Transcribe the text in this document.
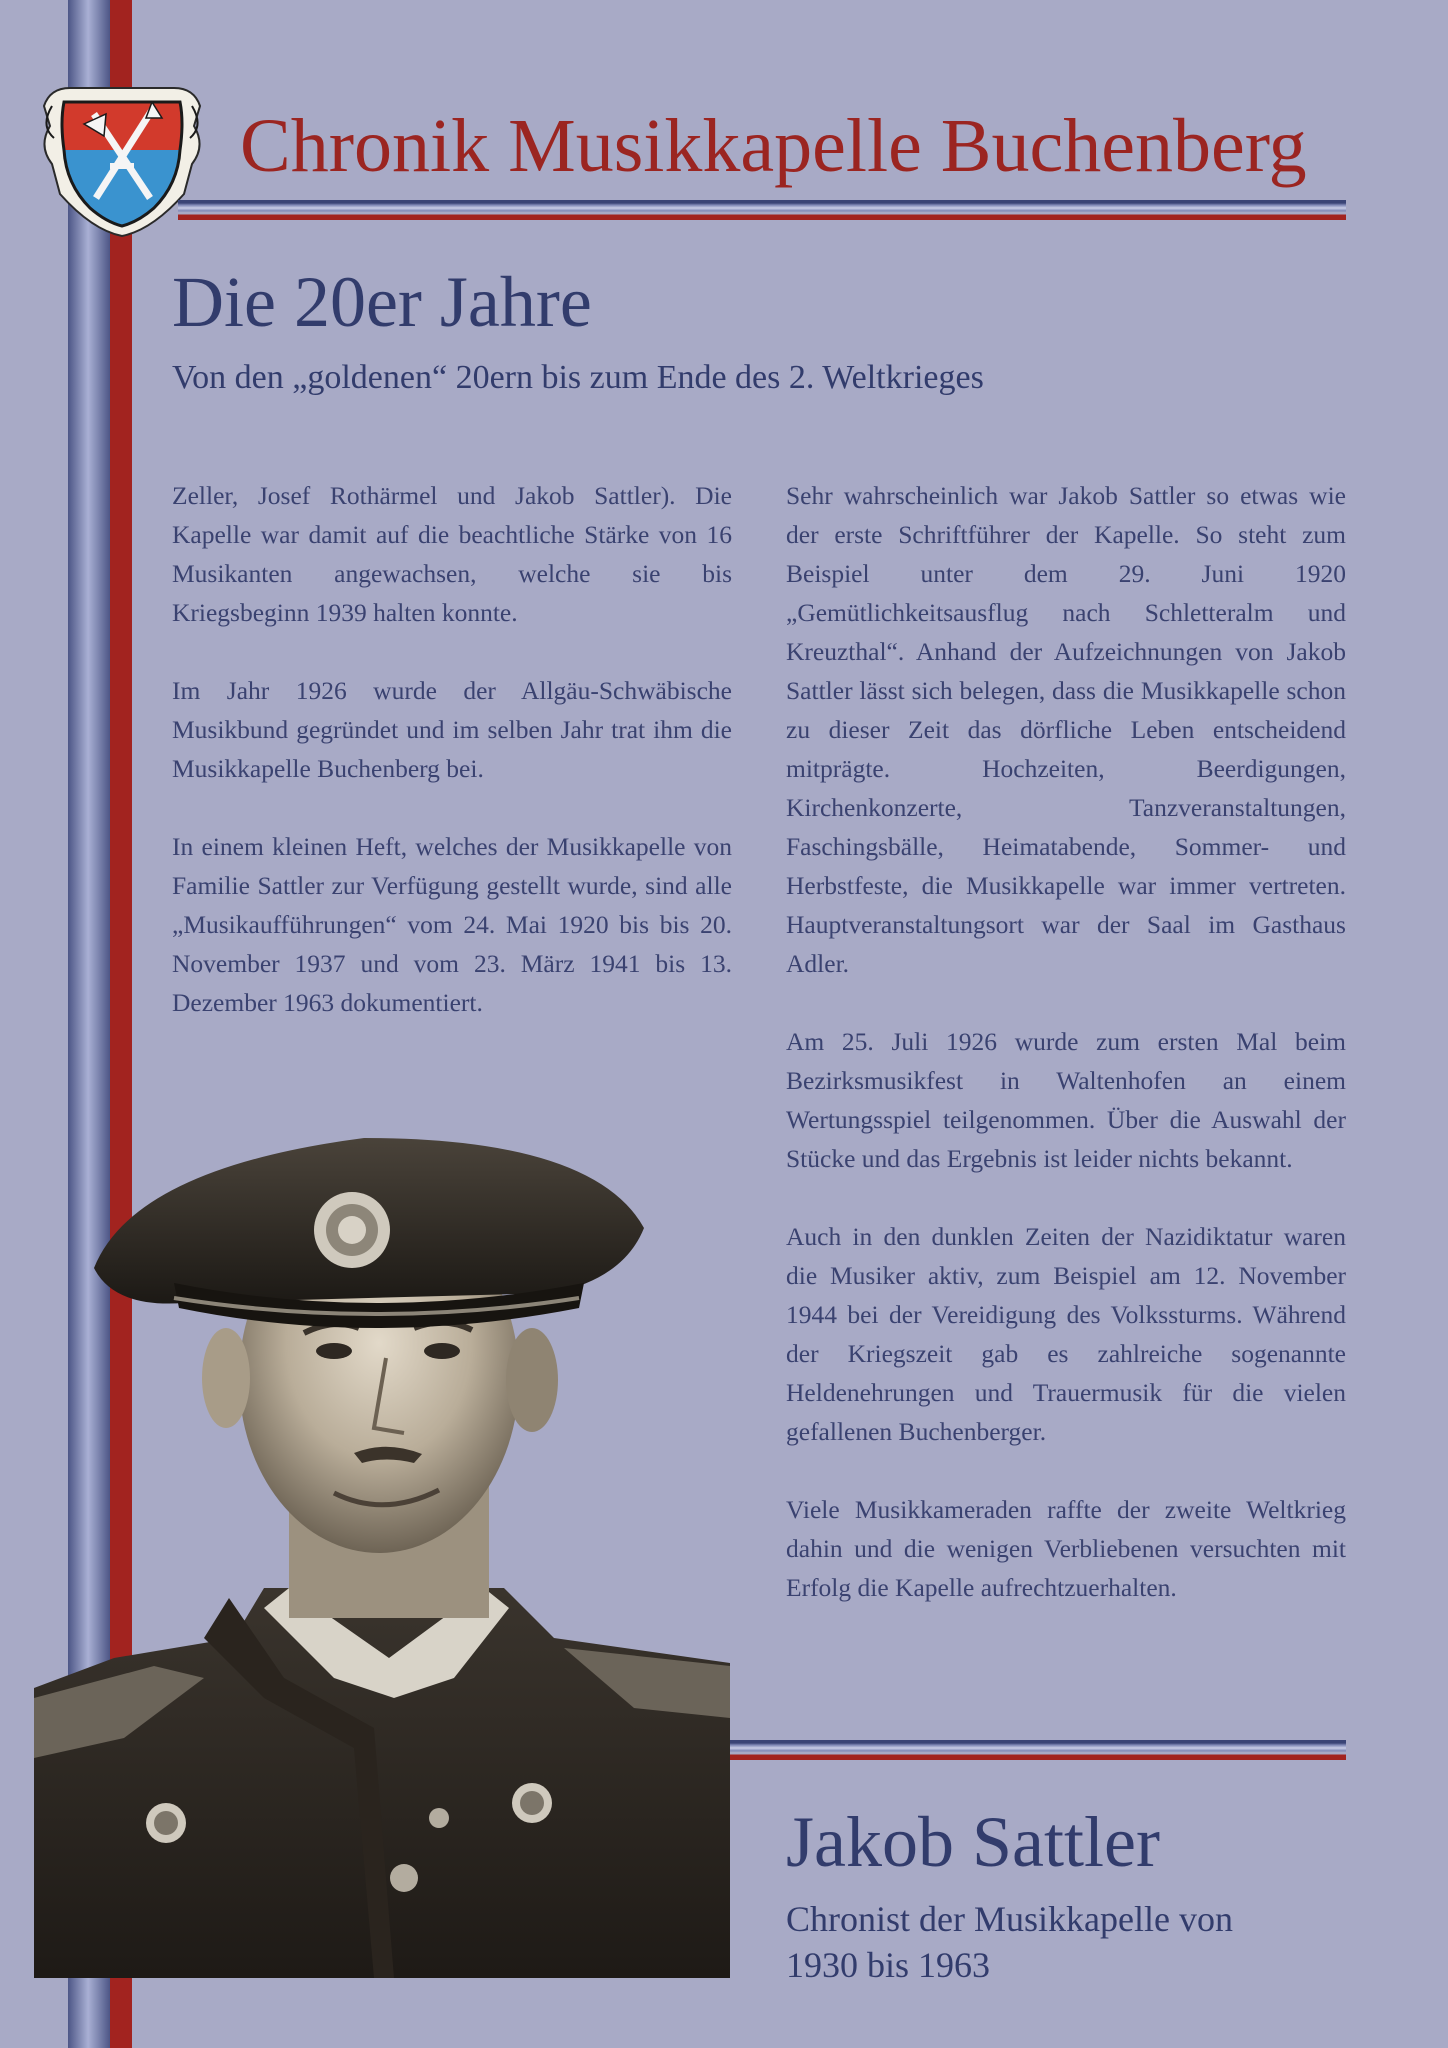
Chronik Musikkapelle Buchenberg
Die 20er Jahre
Von den „goldenen“ 20ern bis zum Ende des 2. Weltkrieges

Zeller, Josef Rothärmel und Jakob Sattler). Die Kapelle war damit auf die beachtliche Stärke von 16 Musikanten angewachsen, welche sie bis Kriegsbeginn 1939 halten konnte.

Im Jahr 1926 wurde der Allgäu-Schwäbische Musikbund gegründet und im selben Jahr trat ihm die Musikkapelle Buchenberg bei.

In einem kleinen Heft, welches der Musikkapelle von Familie Sattler zur Verfügung gestellt wurde, sind alle „Musikaufführungen“ vom 24. Mai 1920 bis bis 20. November 1937 und vom 23. März 1941 bis 13. Dezember 1963 dokumentiert.

Sehr wahrscheinlich war Jakob Sattler so etwas wie der erste Schriftführer der Kapelle. So steht zum Beispiel unter dem 29. Juni 1920 „Gemütlichkeitsausflug nach Schletteralm und Kreuzthal“. Anhand der Aufzeichnungen von Jakob Sattler lässt sich belegen, dass die Musikkapelle schon zu dieser Zeit das dörfliche Leben entscheidend mitprägte. Hochzeiten, Beerdigungen, Kirchenkonzerte, Tanzveranstaltungen, Faschingsbälle, Heimatabende, Sommer- und Herbstfeste, die Musikkapelle war immer vertreten. Hauptveranstaltungsort war der Saal im Gasthaus Adler.

Am 25. Juli 1926 wurde zum ersten Mal beim Bezirksmusikfest in Waltenhofen an einem Wertungsspiel teilgenommen. Über die Auswahl der Stücke und das Ergebnis ist leider nichts bekannt.

Auch in den dunklen Zeiten der Nazidiktatur waren die Musiker aktiv, zum Beispiel am 12. November 1944 bei der Vereidigung des Volkssturms. Während der Kriegszeit gab es zahlreiche sogenannte Heldenehrungen und Trauermusik für die vielen gefallenen Buchenberger.

Viele Musikkameraden raffte der zweite Weltkrieg dahin und die wenigen Verbliebenen versuchten mit Erfolg die Kapelle aufrechtzuerhalten.

Jakob Sattler

Chronist der Musikkapelle von 1930 bis 1963
